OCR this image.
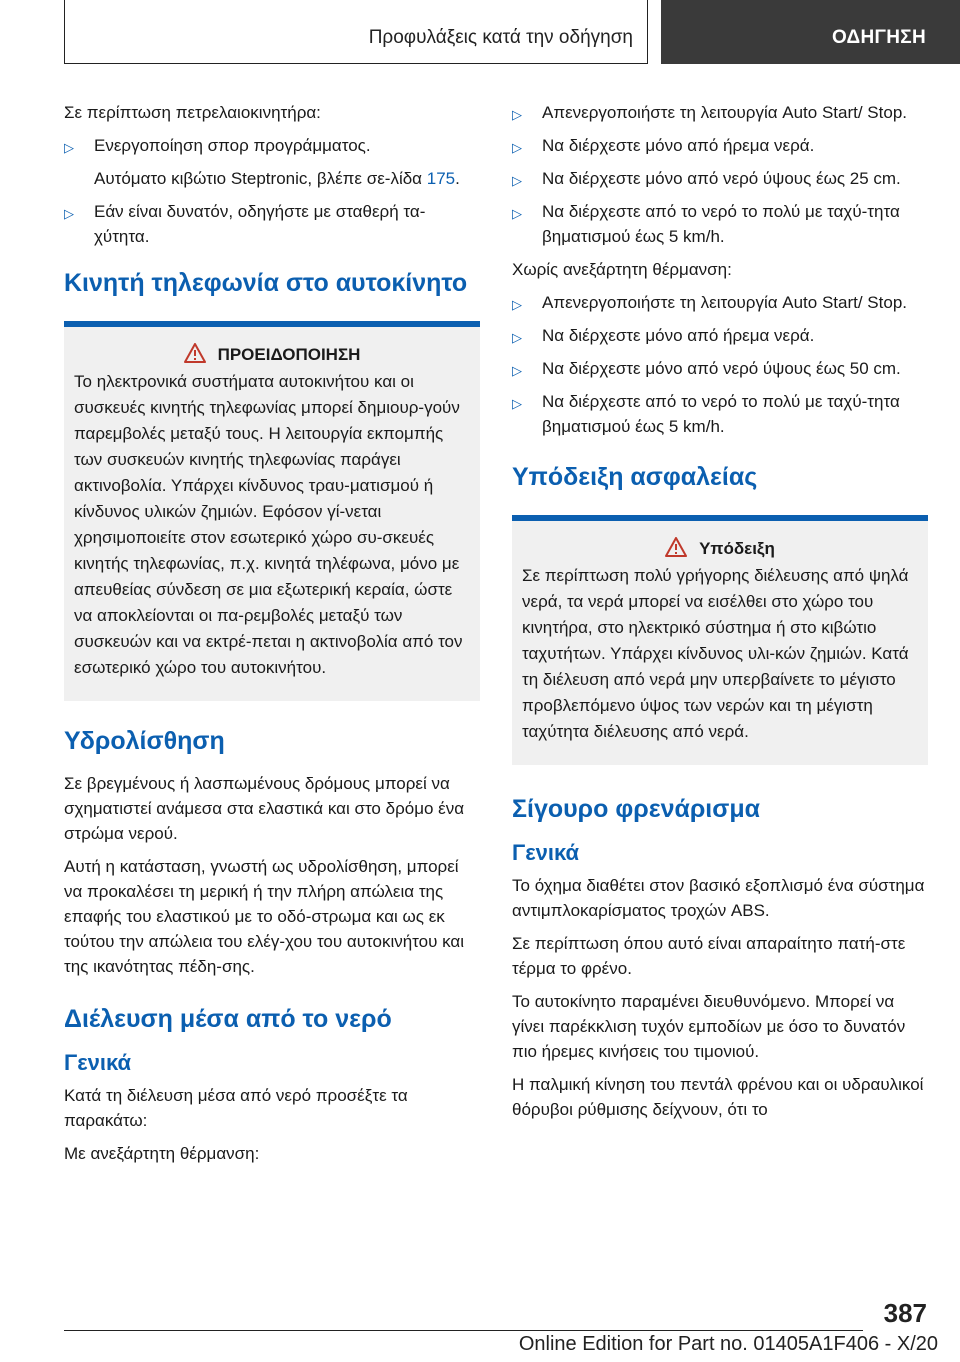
Προφυλάξεις κατά την οδήγηση	ΟΔΗΓΗΣΗ

Σε περίπτωση πετρελαιοκινητήρα:

▷ Ενεργοποίηση σπορ προγράμματος.

Αυτόματο κιβώτιο Steptronic, βλέπε σε-λίδα 175.

▷ Εάν είναι δυνατόν, οδηγήστε με σταθερή τα-χύτητα.

Κινητή τηλεφωνία στο αυτοκίνητο
ΠΡΟΕΙΔΟΠΟΙΗΣΗ

Το ηλεκτρονικά συστήματα αυτοκινήτου και οι συσκευές κινητής τηλεφωνίας μπορεί δημιουρ-γούν παρεμβολές μεταξύ τους. Η λειτουργία εκπομπής των συσκευών κινητής τηλεφωνίας παράγει ακτινοβολία. Υπάρχει κίνδυνος τραυ-ματισμού ή κίνδυνος υλικών ζημιών. Εφόσον γί-νεται χρησιμοποιείτε στον εσωτερικό χώρο συ-σκευές κινητής τηλεφωνίας, π.χ. κινητά τηλέφωνα, μόνο με απευθείας σύνδεση σε μια εξωτερική κεραία, ώστε να αποκλείονται οι πα-ρεμβολές μεταξύ των συσκευών και να εκτρέ-πεται η ακτινοβολία από τον εσωτερικό χώρο του αυτοκινήτου.

Υδρολίσθηση

Σε βρεγμένους ή λασπωμένους δρόμους μπορεί να σχηματιστεί ανάμεσα στα ελαστικά και στο δρόμο ένα στρώμα νερού.

Αυτή η κατάσταση, γνωστή ως υδρολίσθηση, μπορεί να προκαλέσει τη μερική ή την πλήρη απώλεια της επαφής του ελαστικού με το οδό-στρωμα και ως εκ τούτου την απώλεια του ελέγ-χου του αυτοκινήτου και της ικανότητας πέδη-σης.

Διέλευση μέσα από το νερό
Γενικά

Κατά τη διέλευση μέσα από νερό προσέξτε τα παρακάτω:

Με ανεξάρτητη θέρμανση:

▷ Απενεργοποιήστε τη λειτουργία Auto Start/ Stop.

▷ Να διέρχεστε μόνο από ήρεμα νερά.

▷ Να διέρχεστε μόνο από νερό ύψους έως 25 cm.

▷ Να διέρχεστε από το νερό το πολύ με ταχύ-τητα βηματισμού έως 5 km/h.

Χωρίς ανεξάρτητη θέρμανση:

▷ Απενεργοποιήστε τη λειτουργία Auto Start/ Stop.

▷ Να διέρχεστε μόνο από ήρεμα νερά.

▷ Να διέρχεστε μόνο από νερό ύψους έως 50 cm.

▷ Να διέρχεστε από το νερό το πολύ με ταχύ-τητα βηματισμού έως 5 km/h.

Υπόδειξη ασφαλείας
Υπόδειξη

Σε περίπτωση πολύ γρήγορης διέλευσης από ψηλά νερά, τα νερά μπορεί να εισέλθει στο χώρο του κινητήρα, στο ηλεκτρικό σύστημα ή στο κιβώτιο ταχυτήτων. Υπάρχει κίνδυνος υλι-κών ζημιών. Κατά τη διέλευση από νερά μην υπερβαίνετε το μέγιστο προβλεπόμενο ύψος των νερών και τη μέγιστη ταχύτητα διέλευσης από νερά.

Σίγουρο φρενάρισμα
Γενικά

Το όχημα διαθέτει στον βασικό εξοπλισμό ένα σύστημα αντιμπλοκαρίσματος τροχών ABS.

Σε περίπτωση όπου αυτό είναι απαραίτητο πατή-στε τέρμα το φρένο.

Το αυτοκίνητο παραμένει διευθυνόμενο. Μπορεί να γίνει παρέκκλιση τυχόν εμποδίων με όσο το δυνατόν πιο ήρεμες κινήσεις του τιμονιού.

Η παλμική κίνηση του πεντάλ φρένου και οι υδραυλικοί θόρυβοι ρύθμισης δείχνουν, ότι το

387
Online Edition for Part no. 01405A1F406 - X/20
